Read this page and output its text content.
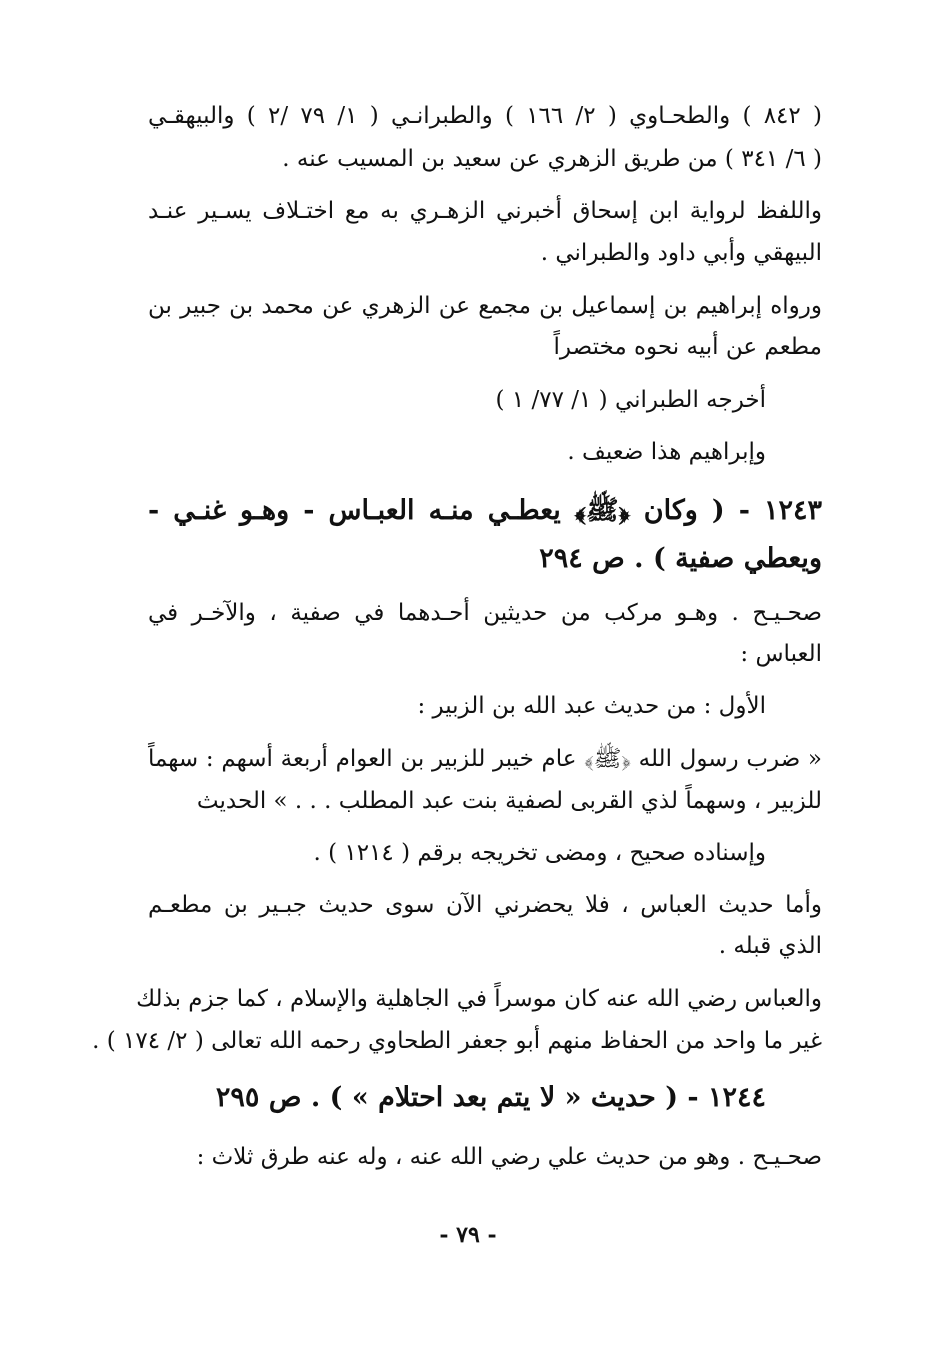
( ٨٤٢ ) والطحـاوي ( ٢/ ١٦٦ ) والطبرانـي ( ١/ ٧٩ /٢ ) والبيهقـي
( ٦/ ٣٤١ ) من طريق الزهري عن سعيد بن المسيب عنه .
واللفظ لرواية ابن إسحاق أخبرني الزهـري به مع اختـلاف يسـير عنـد
البيهقي وأبي داود والطبراني .
ورواه إبراهيم بن إسماعيل بن مجمع عن الزهري عن محمد بن جبير بن
مطعم عن أبيه نحوه مختصراً
أخرجه الطبراني ( ١/ ٧٧/ ١ )
وإبراهيم هذا ضعيف .
١٢٤٣ - ( وكان ﴿ﷺ﴾ يعطـي منـه العبـاس - وهـو غنـي -
ويعطي صفية ) . ص ٢٩٤
صحـيـح . وهـو مركب من حديثين أحـدهما في صفية ، والآخـر في
العباس :
الأول : من حديث عبد الله بن الزبير :
« ضرب رسول الله ﴿ﷺ﴾ عام خيبر للزبير بن العوام أربعة أسهم : سهماً
للزبير ، وسهماً لذي القربى لصفية بنت عبد المطلب . . . » الحديث
وإسناده صحيح ، ومضى تخريجه برقم ( ١٢١٤ ) .
وأما حديث العباس ، فلا يحضرني الآن سوى حديث جبـير بن مطعـم
الذي قبله .
والعباس رضي الله عنه كان موسراً في الجاهلية والإسلام ، كما جزم بذلك
غير ما واحد من الحفاظ منهم أبو جعفر الطحاوي رحمه الله تعالى ( ٢/ ١٧٤ ) .
١٢٤٤ - ( حديث « لا يتم بعد احتلام » ) . ص ٢٩٥
صحـيـح . وهو من حديث علي رضي الله عنه ، وله عنه طرق ثلاث :
- ٧٩ -
